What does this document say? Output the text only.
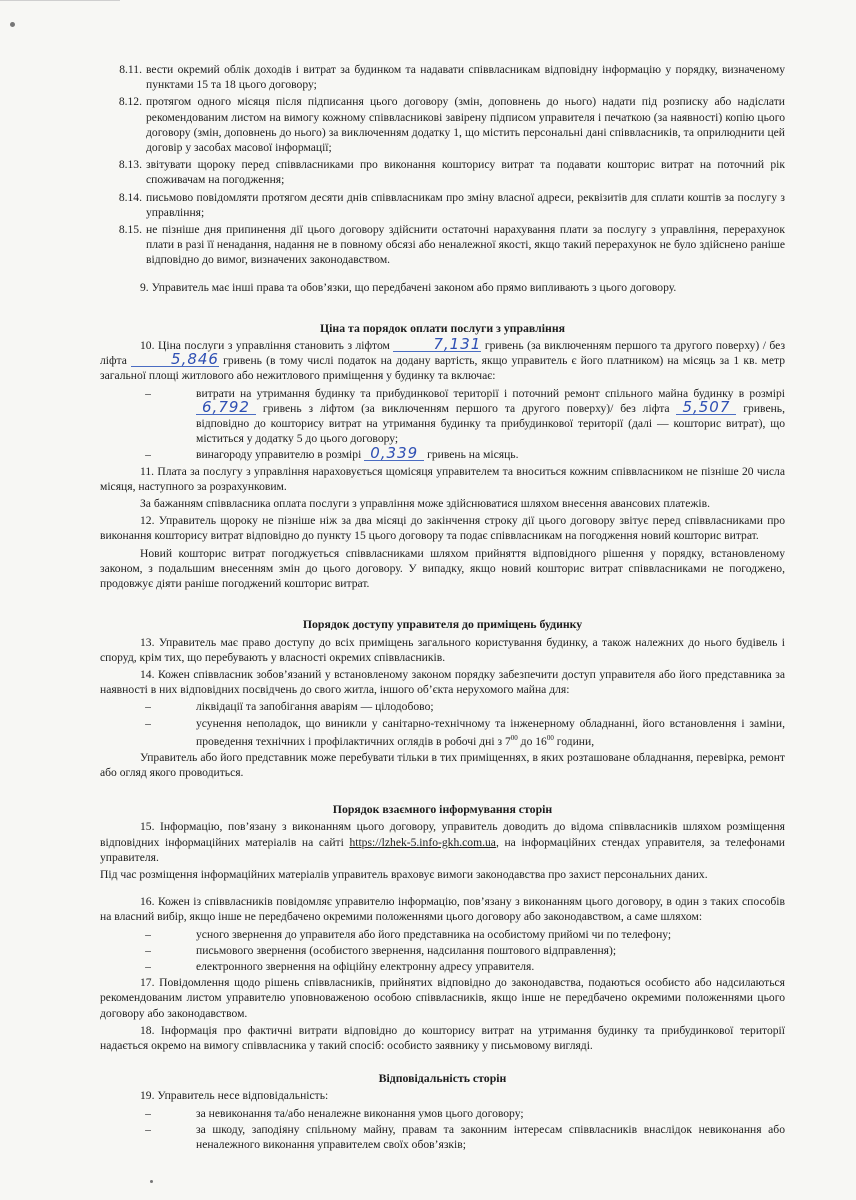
8.11. вести окремий облік доходів і витрат за будинком та надавати співвласникам відповідну інформацію у порядку, визначеному пунктами 15 та 18 цього договору;
8.12. протягом одного місяця після підписання цього договору (змін, доповнень до нього) надати під розписку або надіслати рекомендованим листом на вимогу кожному співвласникові завірену підписом управителя і печаткою (за наявності) копію цього договору (змін, доповнень до нього) за виключенням додатку 1, що містить персональні дані співвласників, та оприлюднити цей договір у засобах масової інформації;
8.13. звітувати щороку перед співвласниками про виконання кошторису витрат та подавати кошторис витрат на поточний рік споживачам на погодження;
8.14. письмово повідомляти протягом десяти днів співвласникам про зміну власної адреси, реквізитів для сплати коштів за послугу з управління;
8.15. не пізніше дня припинення дії цього договору здійснити остаточні нарахування плати за послугу з управління, перерахунок плати в разі її ненадання, надання не в повному обсязі або неналежної якості, якщо такий перерахунок не було здійснено раніше відповідно до вимог, визначених законодавством.

9. Управитель має інші права та обов’язки, що передбачені законом або прямо випливають з цього договору.

Ціна та порядок оплати послуги з управління

10. Ціна послуги з управління становить з ліфтом	7,131 гривень (за виключенням першого та другого поверху) / без ліфта	5,846 гривень (в тому числі податок на додану вартість, якщо управитель є його платником) на місяць за 1 кв. метр загальної площі житлового або нежитлового приміщення у будинку та включає:

–	витрати на утримання будинку та прибудинкової території і поточний ремонт спільного майна будинку в розмірі 6,792 гривень з ліфтом (за виключенням першого та другого поверху)/ без ліфта 5,507 гривень, відповідно до кошторису витрат на утримання будинку та прибудинкової території (далі — кошторис витрат), що міститься у додатку 5 до цього договору;
–	винагороду управителю в розмірі 0,339 гривень на місяць.

11. Плата за послугу з управління нараховується щомісяця управителем та вноситься кожним співвласником не пізніше 20 числа місяця, наступного за розрахунковим.

За бажанням співвласника оплата послуги з управління може здійснюватися шляхом внесення авансових платежів.

12. Управитель щороку не пізніше ніж за два місяці до закінчення строку дії цього договору звітує перед співвласниками про виконання кошторису витрат відповідно до пункту 15 цього договору та подає співвласникам на погодження новий кошторис витрат.

Новий кошторис витрат погоджується співвласниками шляхом прийняття відповідного рішення у порядку, встановленому законом, з подальшим внесенням змін до цього договору. У випадку, якщо новий кошторис витрат співвласниками не погоджено, продовжує діяти раніше погоджений кошторис витрат.

Порядок доступу управителя до приміщень будинку

13. Управитель має право доступу до всіх приміщень загального користування будинку, а також належних до нього будівель і споруд, крім тих, що перебувають у власності окремих співвласників.

14. Кожен співвласник зобов’язаний у встановленому законом порядку забезпечити доступ управителя або його представника за наявності в них відповідних посвідчень до свого житла, іншого об’єкта нерухомого майна для:

–	ліквідації та запобігання аваріям — цілодобово;
–	усунення неполадок, що виникли у санітарно-технічному та інженерному обладнанні, його встановлення і заміни, проведення технічних і профілактичних оглядів в робочі дні з $7^{00}$ до $16^{00}$ години,

Управитель або його представник може перебувати тільки в тих приміщеннях, в яких розташоване обладнання, перевірка, ремонт або огляд якого проводиться.

Порядок взаємного інформування сторін

15. Інформацію, пов’язану з виконанням цього договору, управитель доводить до відома співвласників шляхом розміщення відповідних інформаційних матеріалів на сайті https://lzhek-5.info-gkh.com.ua, на інформаційних стендах управителя, за телефонами управителя.

Під час розміщення інформаційних матеріалів управитель враховує вимоги законодавства про захист персональних даних.

16. Кожен із співвласників повідомляє управителю інформацію, пов’язану з виконанням цього договору, в один з таких способів на власний вибір, якщо інше не передбачено окремими положеннями цього договору або законодавством, а саме шляхом:

–	усного звернення до управителя або його представника на особистому прийомі чи по телефону;
–	письмового звернення (особистого звернення, надсилання поштового відправлення);
–	електронного звернення на офіційну електронну адресу управителя.

17. Повідомлення щодо рішень співвласників, прийнятих відповідно до законодавства, подаються особисто або надсилаються рекомендованим листом управителю уповноваженою особою співвласників, якщо інше не передбачено окремими положеннями цього договору або законодавством.

18. Інформація про фактичні витрати відповідно до кошторису витрат на утримання будинку та прибудинкової території надається окремо на вимогу співвласника у такий спосіб: особисто заявнику у письмовому вигляді.

Відповідальність сторін

19. Управитель несе відповідальність:

–	за невиконання та/або неналежне виконання умов цього договору;
–	за шкоду, заподіяну спільному майну, правам та законним інтересам співвласників внаслідок невиконання або неналежного виконання управителем своїх обов’язків;
